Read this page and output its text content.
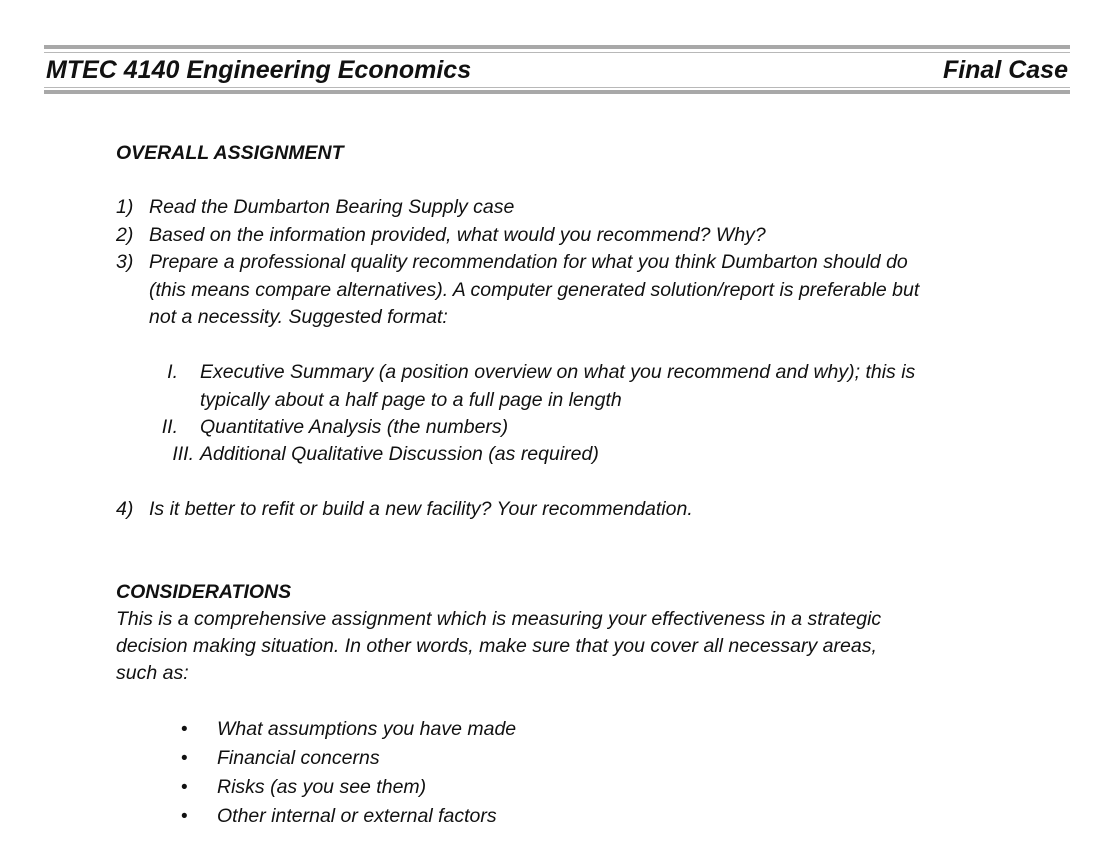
MTEC 4140 Engineering Economics	Final Case
OVERALL ASSIGNMENT
1) Read the Dumbarton Bearing Supply case
2) Based on the information provided, what would you recommend? Why?
3) Prepare a professional quality recommendation for what you think Dumbarton should do
(this means compare alternatives). A computer generated solution/report is preferable but
not a necessity. Suggested format:
I. Executive Summary (a position overview on what you recommend and why); this is
typically about a half page to a full page in length
II. Quantitative Analysis (the numbers)
III. Additional Qualitative Discussion (as required)
4) Is it better to refit or build a new facility? Your recommendation.
CONSIDERATIONS
This is a comprehensive assignment which is measuring your effectiveness in a strategic
decision making situation. In other words, make sure that you cover all necessary areas,
such as:
• What assumptions you have made
• Financial concerns
• Risks (as you see them)
• Other internal or external factors
